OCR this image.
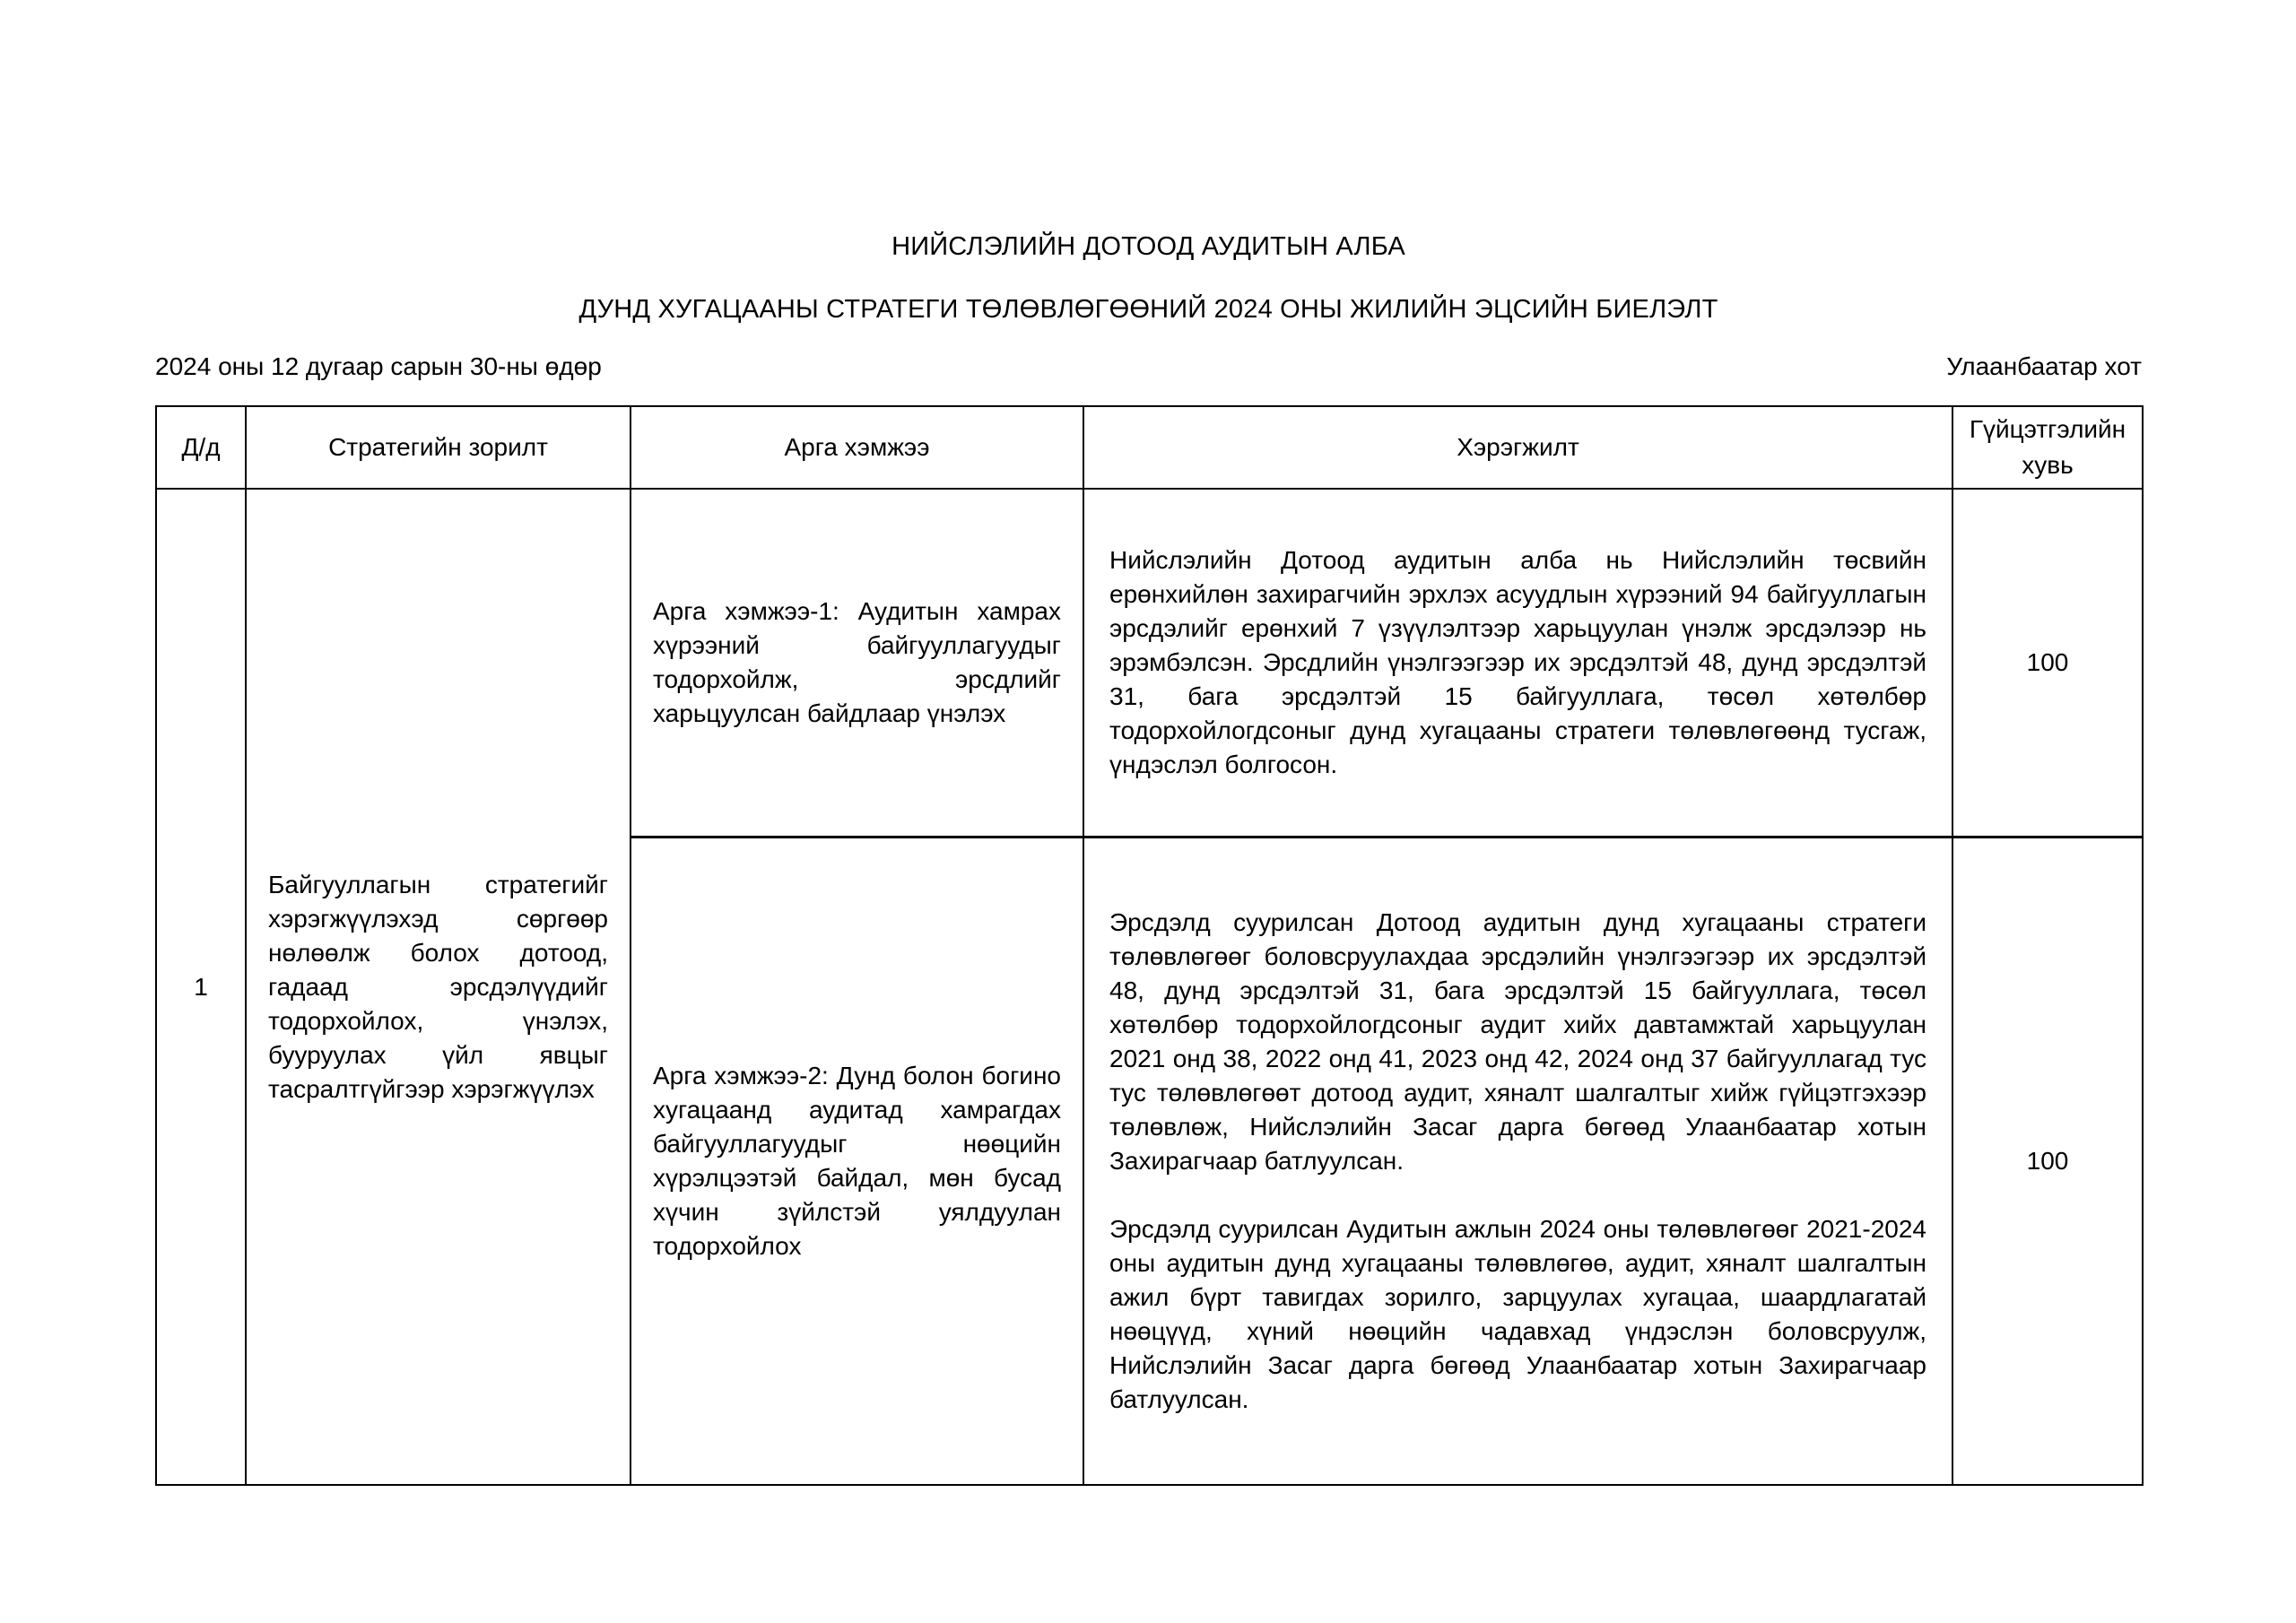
НИЙСЛЭЛИЙН ДОТООД АУДИТЫН АЛБА
ДУНД ХУГАЦААНЫ СТРАТЕГИ ТӨЛӨВЛӨГӨӨНИЙ 2024 ОНЫ ЖИЛИЙН ЭЦСИЙН БИЕЛЭЛТ
2024 оны 12 дугаар сарын 30-ны өдөр	Улаанбаатар хот
Д/д	Стратегийн зорилт	Арга хэмжээ	Хэрэгжилт	Гүйцэтгэлийн хувь
1	Байгууллагын стратегийг хэрэгжүүлэхэд сөргөөр нөлөөлж болох дотоод, гадаад эрсдэлүүдийг тодорхойлох, үнэлэх, бууруулах үйл явцыг тасралтгүйгээр хэрэгжүүлэх	Арга хэмжээ-1: Аудитын хамрах хүрээний байгууллагуудыг тодорхойлж, эрсдлийг харьцуулсан байдлаар үнэлэх	Нийслэлийн Дотоод аудитын алба нь Нийслэлийн төсвийн ерөнхийлөн захирагчийн эрхлэх асуудлын хүрээний 94 байгууллагын эрсдэлийг ерөнхий 7 үзүүлэлтээр харьцуулан үнэлж эрсдэлээр нь эрэмбэлсэн. Эрсдлийн үнэлгээгээр их эрсдэлтэй 48, дунд эрсдэлтэй 31, бага эрсдэлтэй 15 байгууллага, төсөл хөтөлбөр тодорхойлогдсоныг дунд хугацааны стратеги төлөвлөгөөнд тусгаж, үндэслэл болгосон.	100
		Арга хэмжээ-2: Дунд болон богино хугацаанд аудитад хамрагдах байгууллагуудыг нөөцийн хүрэлцээтэй байдал, мөн бусад хүчин зүйлстэй уялдуулан тодорхойлох	Эрсдэлд суурилсан Дотоод аудитын дунд хугацааны стратеги төлөвлөгөөг боловсруулахдаа эрсдэлийн үнэлгээгээр их эрсдэлтэй 48, дунд эрсдэлтэй 31, бага эрсдэлтэй 15 байгууллага, төсөл хөтөлбөр тодорхойлогдсоныг аудит хийх давтамжтай харьцуулан 2021 онд 38, 2022 онд 41, 2023 онд 42, 2024 онд 37 байгууллагад тус тус төлөвлөгөөт дотоод аудит, хяналт шалгалтыг хийж гүйцэтгэхээр төлөвлөж, Нийслэлийн Засаг дарга бөгөөд Улаанбаатар хотын Захирагчаар батлуулсан.

Эрсдэлд суурилсан Аудитын ажлын 2024 оны төлөвлөгөөг 2021-2024 оны аудитын дунд хугацааны төлөвлөгөө, аудит, хяналт шалгалтын ажил бүрт тавигдах зорилго, зарцуулах хугацаа, шаардлагатай нөөцүүд, хүний нөөцийн чадавхад үндэслэн боловсруулж, Нийслэлийн Засаг дарга бөгөөд Улаанбаатар хотын Захирагчаар батлуулсан.	100
